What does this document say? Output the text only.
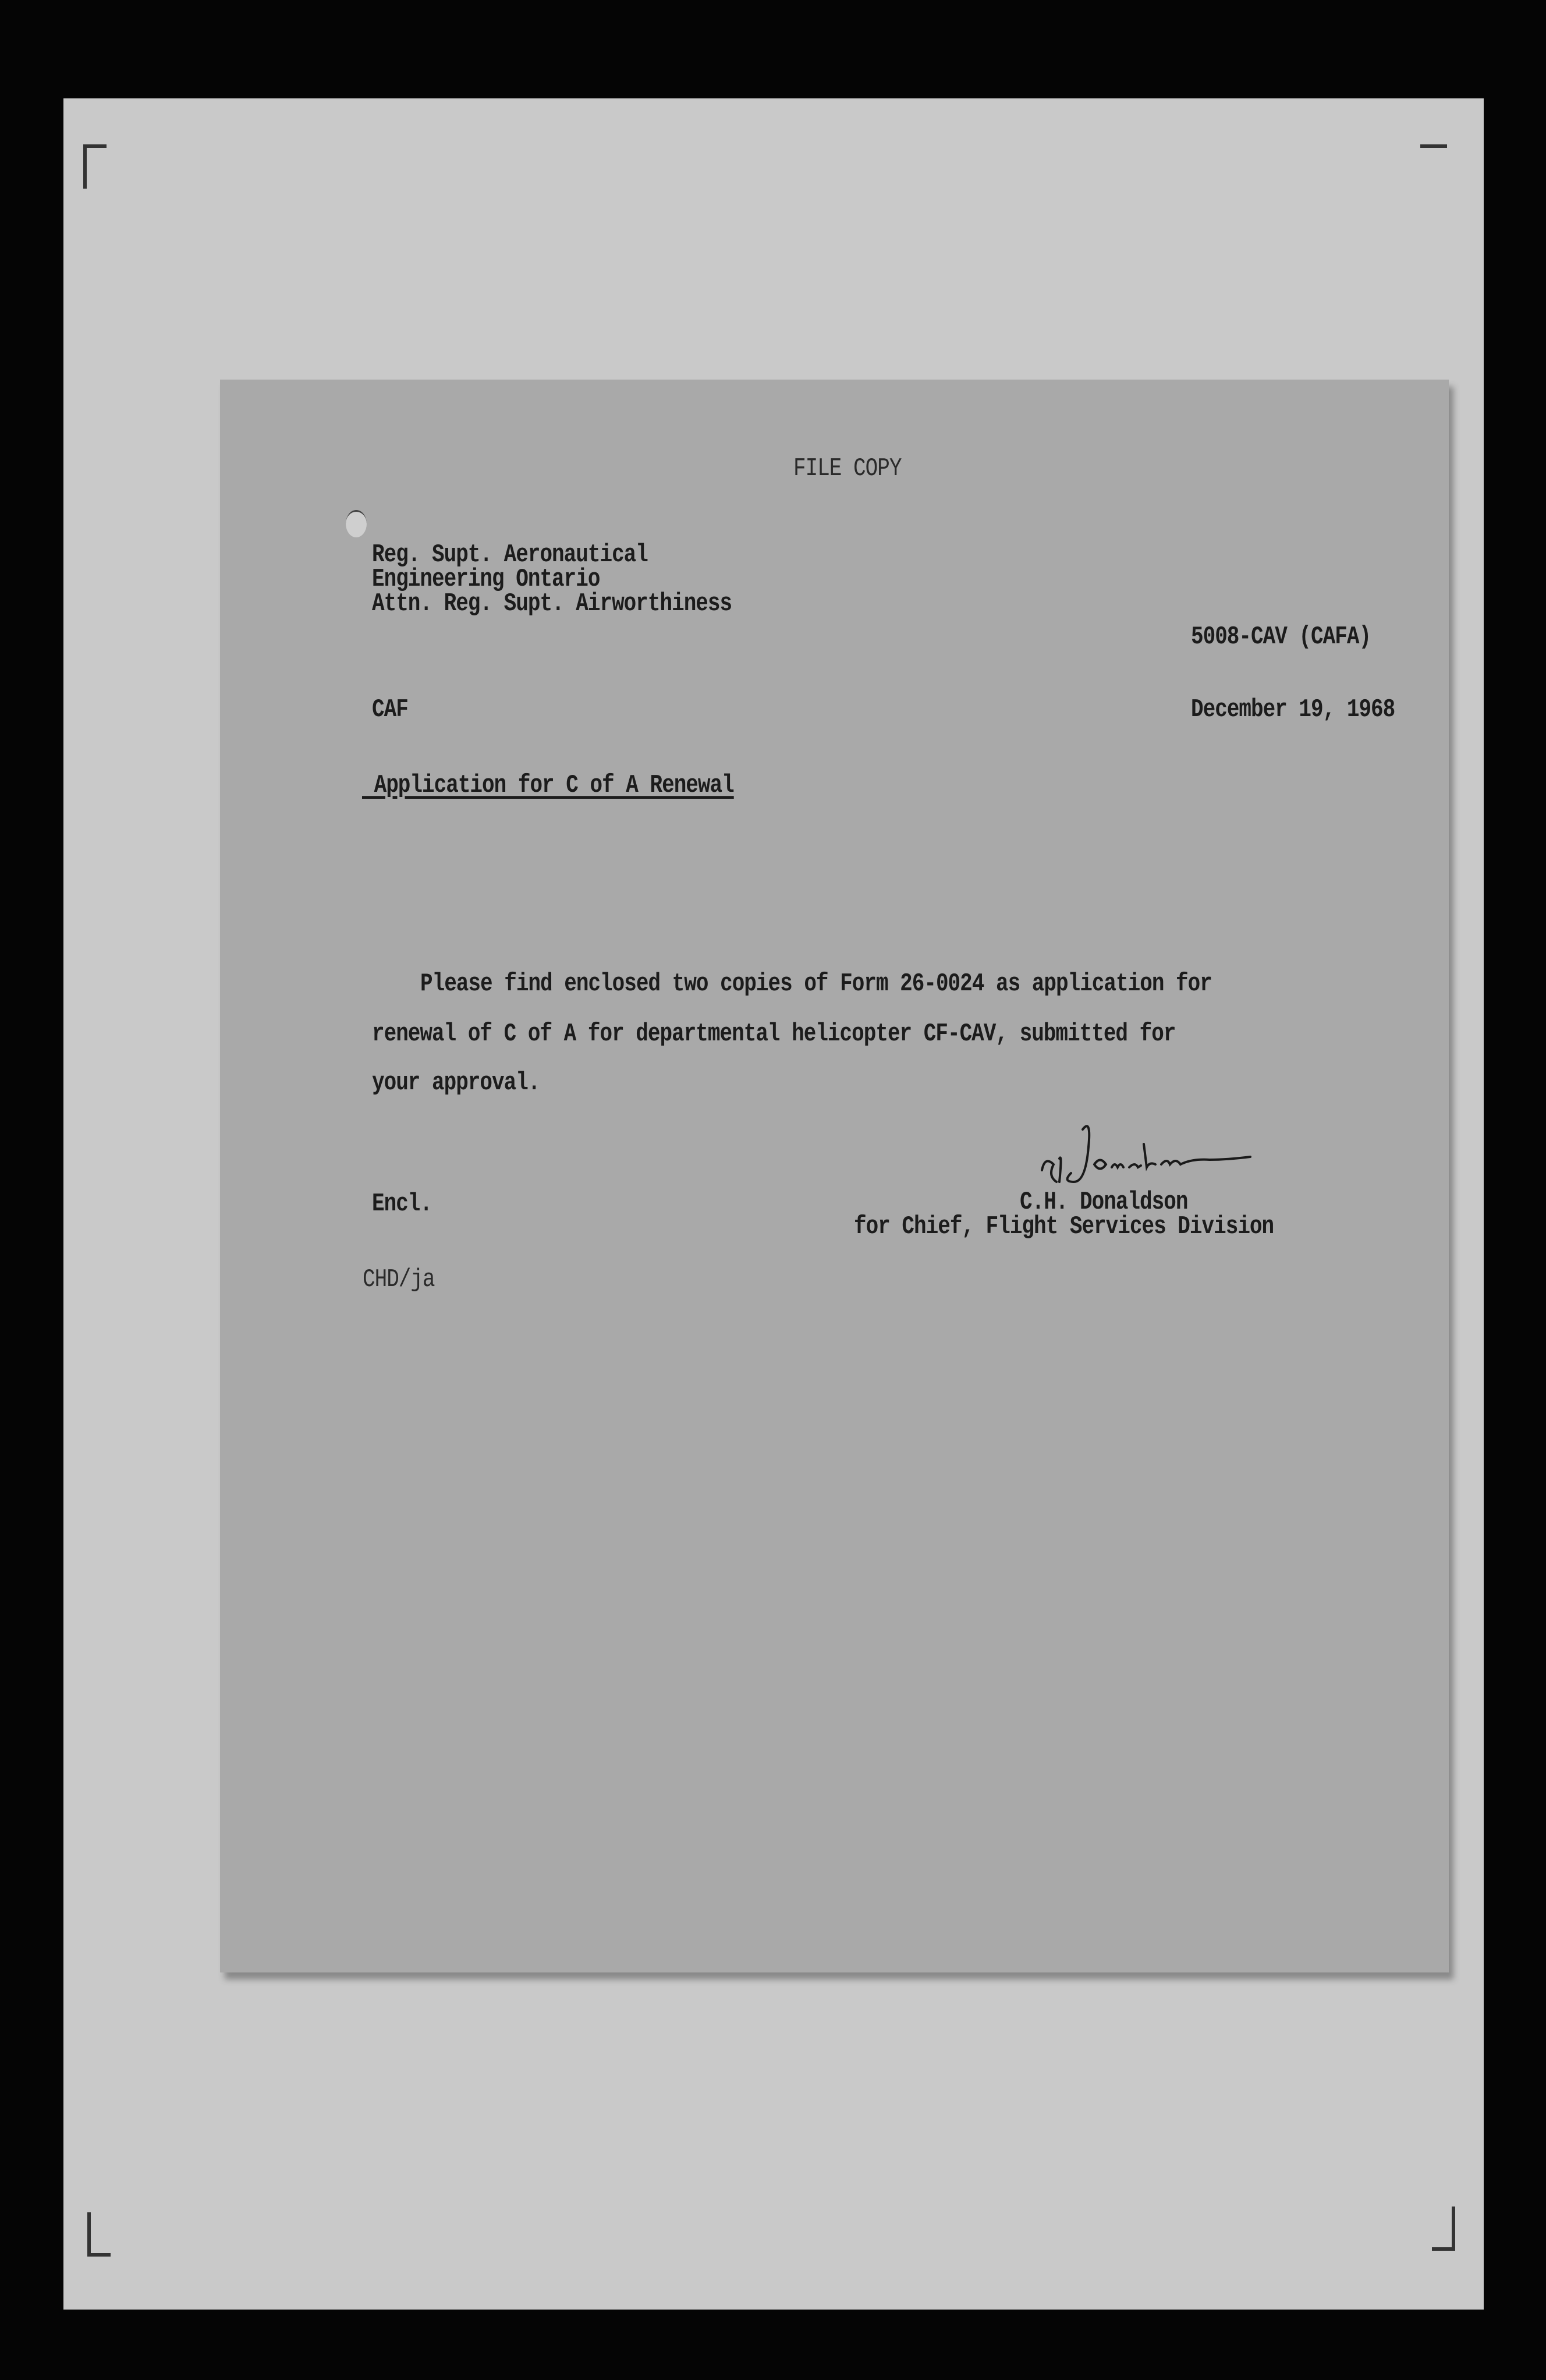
FILE COPY
Reg. Supt. Aeronautical
Engineering Ontario
Attn. Reg. Supt. Airworthiness
5008-CAV (CAFA)
CAF	December 19, 1968
Application for C of A Renewal
Please find enclosed two copies of Form 26-0024 as application for
renewal of C of A for departmental helicopter CF-CAV, submitted for
your approval.
Encl.	C.H. Donaldson
for Chief, Flight Services Division
CHD/ja
